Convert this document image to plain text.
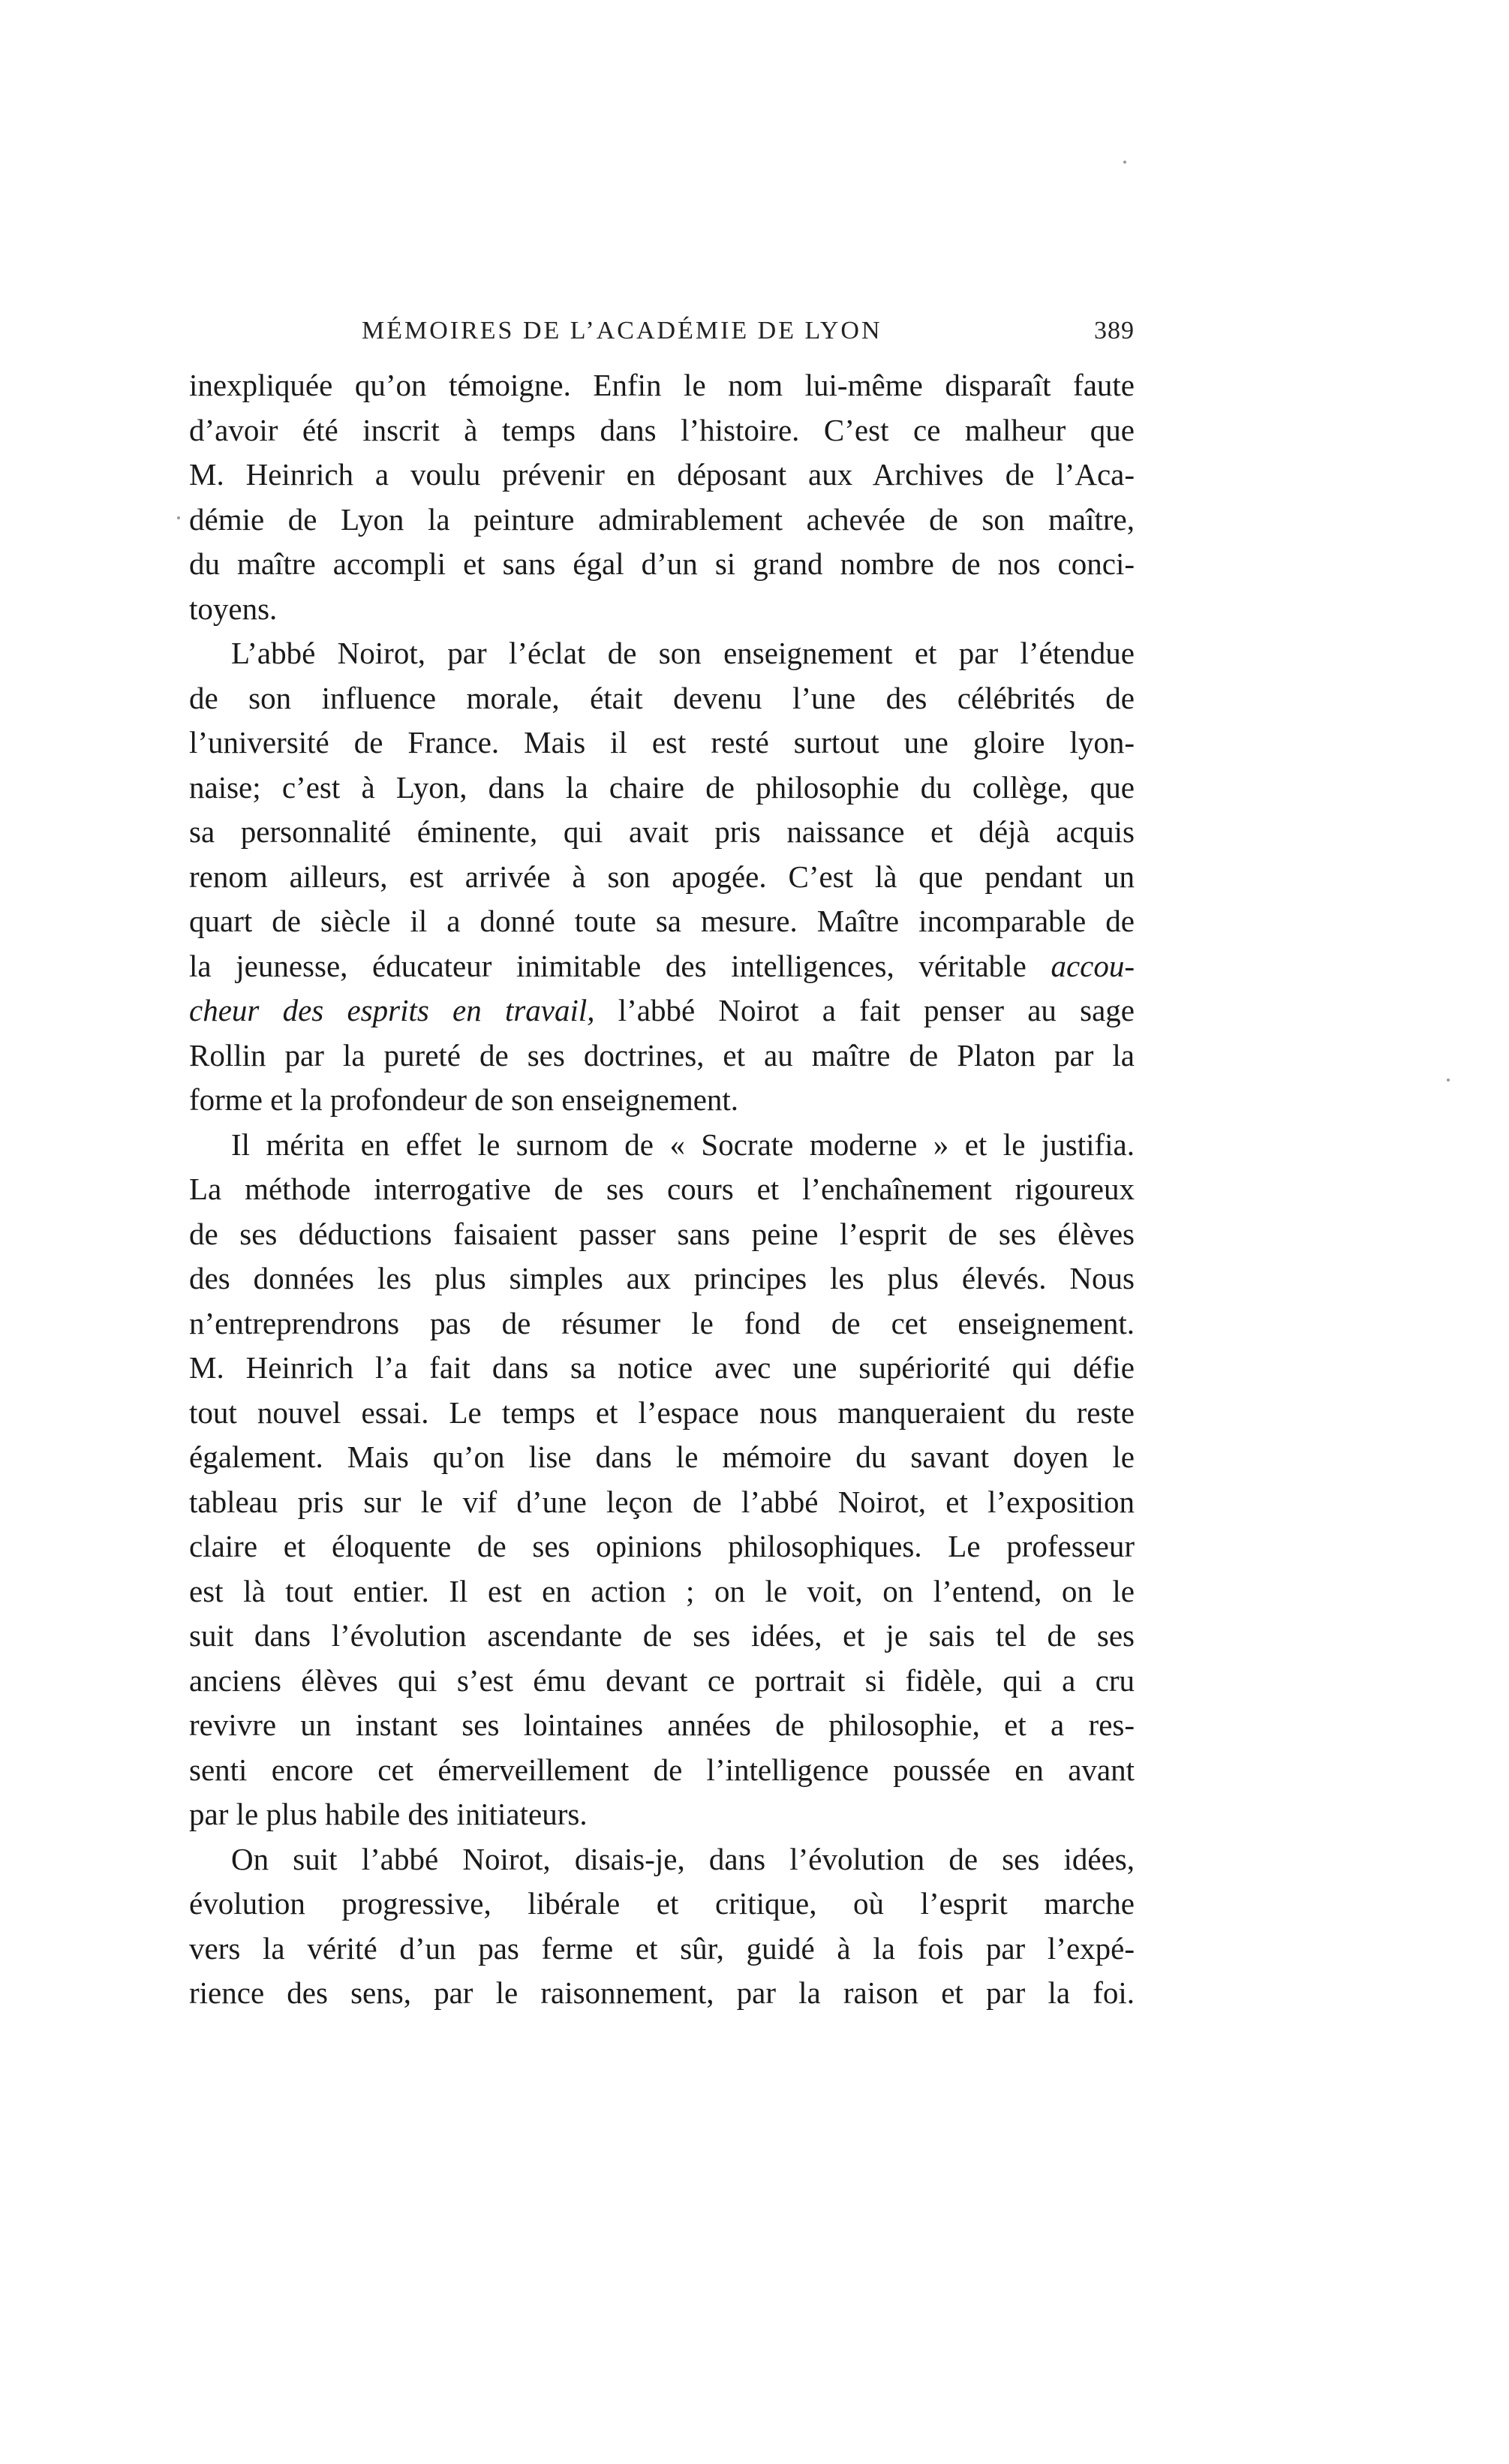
MÉMOIRES DE L’ACADÉMIE DE LYON	389
inexpliquée qu’on témoigne. Enfin le nom lui-même disparaît faute
d’avoir été inscrit à temps dans l’histoire. C’est ce malheur que
M. Heinrich a voulu prévenir en déposant aux Archives de l’Aca-
démie de Lyon la peinture admirablement achevée de son maître,
du maître accompli et sans égal d’un si grand nombre de nos conci-
toyens.
L’abbé Noirot, par l’éclat de son enseignement et par l’étendue
de son influence morale, était devenu l’une des célébrités de
l’université de France. Mais il est resté surtout une gloire lyon-
naise; c’est à Lyon, dans la chaire de philosophie du collège, que
sa personnalité éminente, qui avait pris naissance et déjà acquis
renom ailleurs, est arrivée à son apogée. C’est là que pendant un
quart de siècle il a donné toute sa mesure. Maître incomparable de
la jeunesse, éducateur inimitable des intelligences, véritable accou-
cheur des esprits en travail, l’abbé Noirot a fait penser au sage
Rollin par la pureté de ses doctrines, et au maître de Platon par la
forme et la profondeur de son enseignement.
Il mérita en effet le surnom de « Socrate moderne » et le justifia.
La méthode interrogative de ses cours et l’enchaînement rigoureux
de ses déductions faisaient passer sans peine l’esprit de ses élèves
des données les plus simples aux principes les plus élevés. Nous
n’entreprendrons pas de résumer le fond de cet enseignement.
M. Heinrich l’a fait dans sa notice avec une supériorité qui défie
tout nouvel essai. Le temps et l’espace nous manqueraient du reste
également. Mais qu’on lise dans le mémoire du savant doyen le
tableau pris sur le vif d’une leçon de l’abbé Noirot, et l’exposition
claire et éloquente de ses opinions philosophiques. Le professeur
est là tout entier. Il est en action ; on le voit, on l’entend, on le
suit dans l’évolution ascendante de ses idées, et je sais tel de ses
anciens élèves qui s’est ému devant ce portrait si fidèle, qui a cru
revivre un instant ses lointaines années de philosophie, et a res-
senti encore cet émerveillement de l’intelligence poussée en avant
par le plus habile des initiateurs.
On suit l’abbé Noirot, disais-je, dans l’évolution de ses idées,
évolution progressive, libérale et critique, où l’esprit marche
vers la vérité d’un pas ferme et sûr, guidé à la fois par l’expé-
rience des sens, par le raisonnement, par la raison et par la foi.
